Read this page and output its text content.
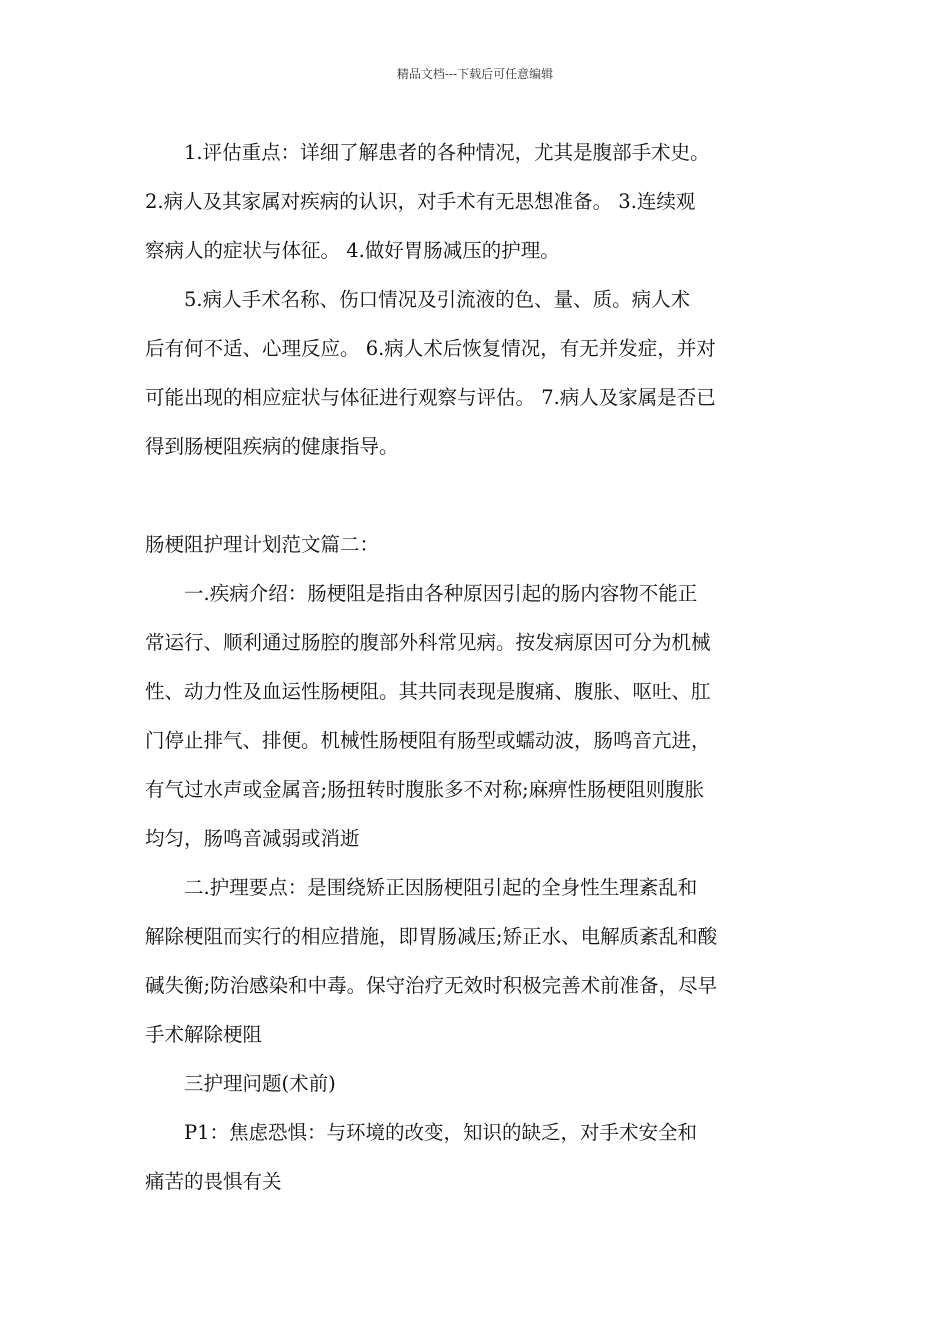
精品文档---下载后可任意编辑
1.评估重点：详细了解患者的各种情况，尤其是腹部手术史。
2.病人及其家属对疾病的认识，对手术有无思想准备。 3.连续观
察病人的症状与体征。 4.做好胃肠减压的护理。
5.病人手术名称、伤口情况及引流液的色、量、质。病人术
后有何不适、心理反应。 6.病人术后恢复情况，有无并发症，并对
可能出现的相应症状与体征进行观察与评估。 7.病人及家属是否已
得到肠梗阻疾病的健康指导。
肠梗阻护理计划范文篇二：
一.疾病介绍：肠梗阻是指由各种原因引起的肠内容物不能正
常运行、顺利通过肠腔的腹部外科常见病。按发病原因可分为机械
性、动力性及血运性肠梗阻。其共同表现是腹痛、腹胀、呕吐、肛
门停止排气、排便。机械性肠梗阻有肠型或蠕动波，肠鸣音亢进，
有气过水声或金属音;肠扭转时腹胀多不对称;麻痹性肠梗阻则腹胀
均匀，肠鸣音减弱或消逝
二.护理要点：是围绕矫正因肠梗阻引起的全身性生理紊乱和
解除梗阻而实行的相应措施，即胃肠减压;矫正水、电解质紊乱和酸
碱失衡;防治感染和中毒。保守治疗无效时积极完善术前准备，尽早
手术解除梗阻
三护理问题(术前)
P1：焦虑恐惧：与环境的改变，知识的缺乏，对手术安全和
痛苦的畏惧有关
